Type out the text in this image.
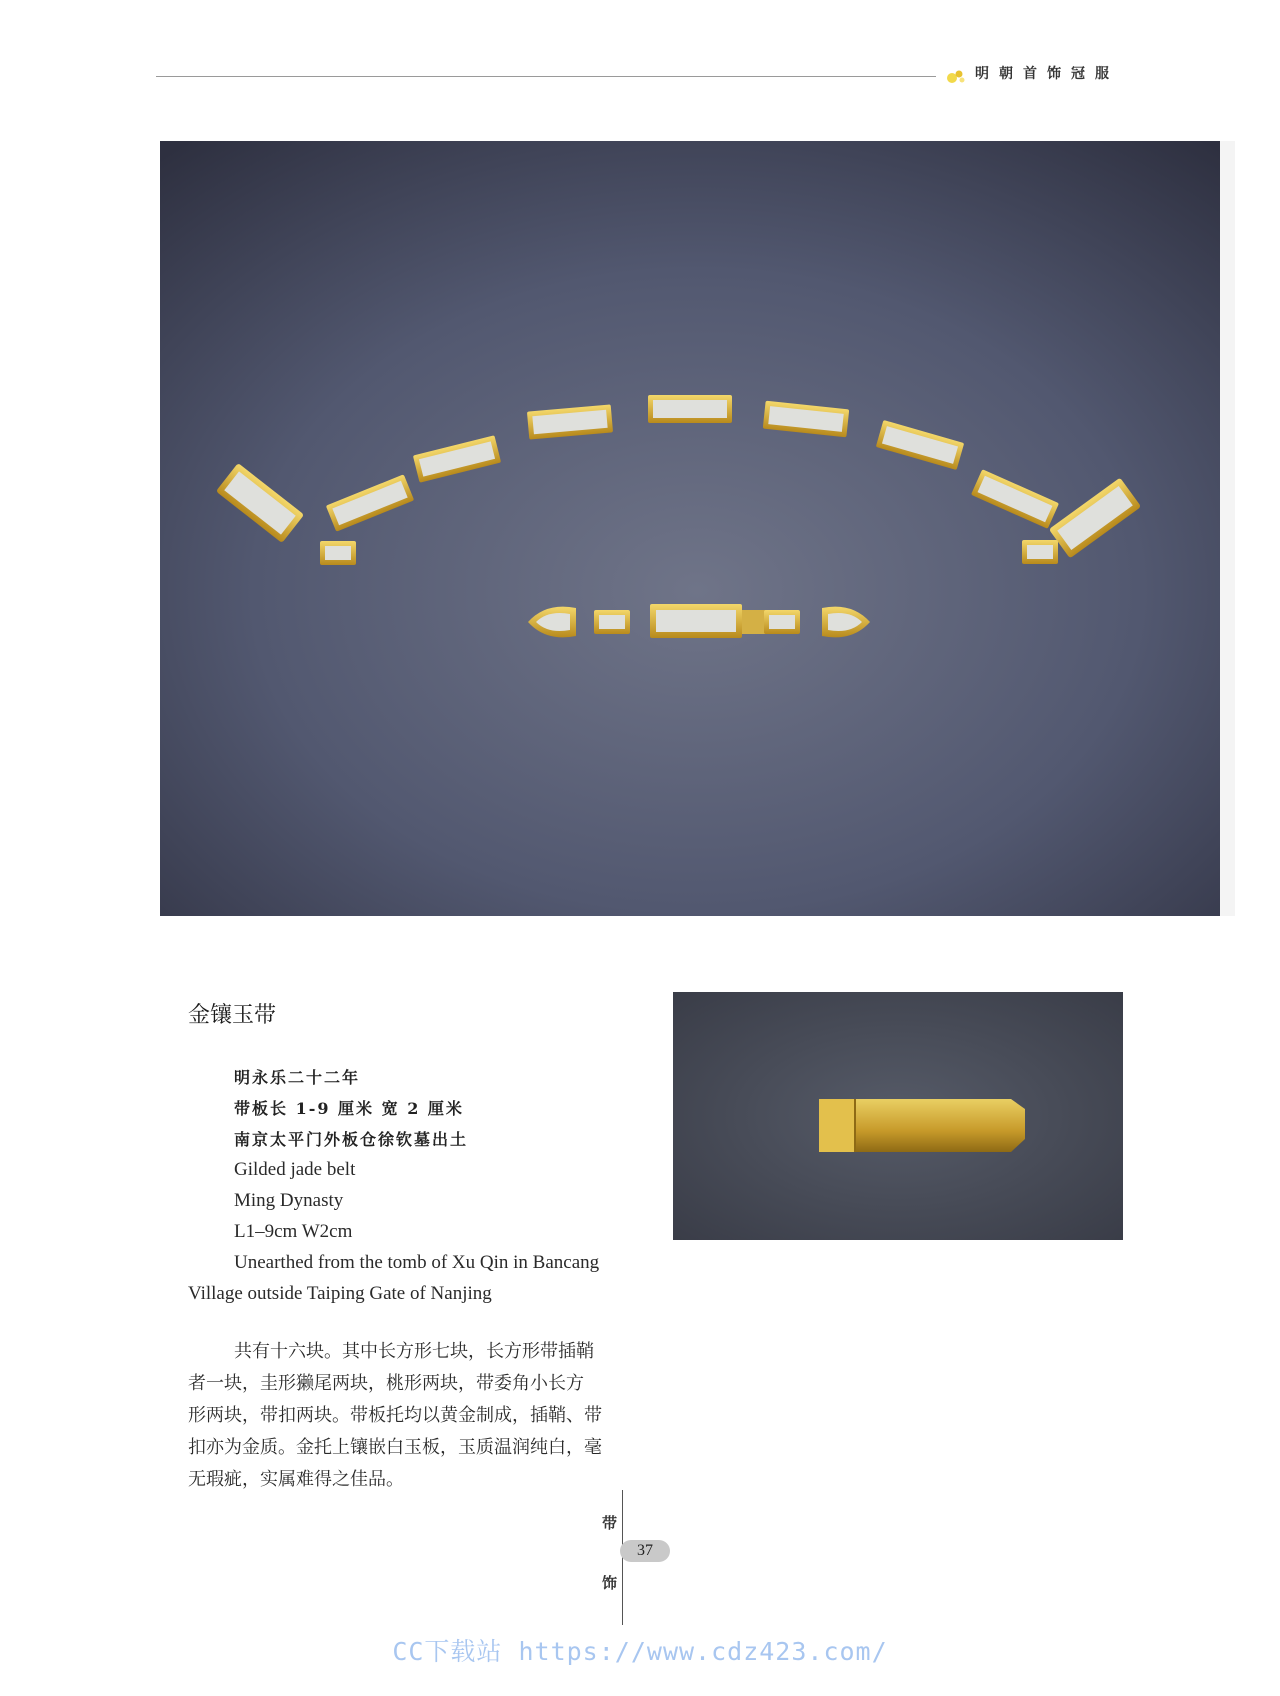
明朝首饰冠服
金镶玉带
明永乐二十二年
带板长 1-9 厘米 宽 2 厘米
南京太平门外板仓徐钦墓出土
Gilded jade belt
Ming Dynasty
L1–9cm W2cm
Unearthed from the tomb of Xu Qin in Bancang
Village outside Taiping Gate of Nanjing
共有十六块。其中长方形七块，长方形带插鞘
者一块，圭形獭尾两块，桃形两块，带委角小长方
形两块，带扣两块。带板托均以黄金制成，插鞘、带
扣亦为金质。金托上镶嵌白玉板，玉质温润纯白，毫
无瑕疵，实属难得之佳品。
带
饰
37
CC下载站 https://www.cdz423.com/
